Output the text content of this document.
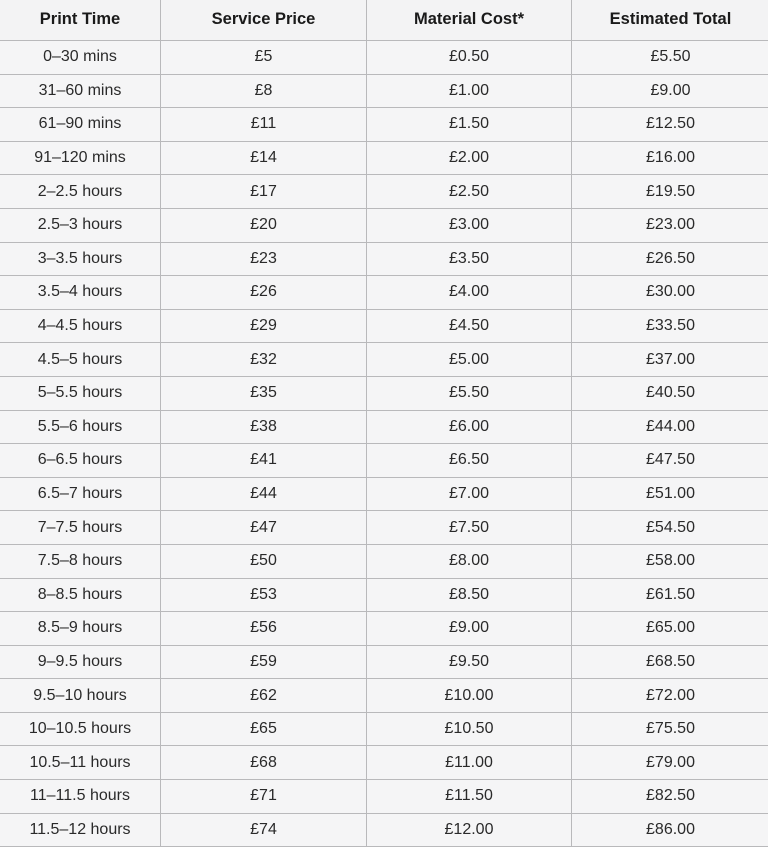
Print Time	Service Price	Material Cost*	Estimated Total
0–30 mins	£5	£0.50	£5.50
31–60 mins	£8	£1.00	£9.00
61–90 mins	£11	£1.50	£12.50
91–120 mins	£14	£2.00	£16.00
2–2.5 hours	£17	£2.50	£19.50
2.5–3 hours	£20	£3.00	£23.00
3–3.5 hours	£23	£3.50	£26.50
3.5–4 hours	£26	£4.00	£30.00
4–4.5 hours	£29	£4.50	£33.50
4.5–5 hours	£32	£5.00	£37.00
5–5.5 hours	£35	£5.50	£40.50
5.5–6 hours	£38	£6.00	£44.00
6–6.5 hours	£41	£6.50	£47.50
6.5–7 hours	£44	£7.00	£51.00
7–7.5 hours	£47	£7.50	£54.50
7.5–8 hours	£50	£8.00	£58.00
8–8.5 hours	£53	£8.50	£61.50
8.5–9 hours	£56	£9.00	£65.00
9–9.5 hours	£59	£9.50	£68.50
9.5–10 hours	£62	£10.00	£72.00
10–10.5 hours	£65	£10.50	£75.50
10.5–11 hours	£68	£11.00	£79.00
11–11.5 hours	£71	£11.50	£82.50
11.5–12 hours	£74	£12.00	£86.00
